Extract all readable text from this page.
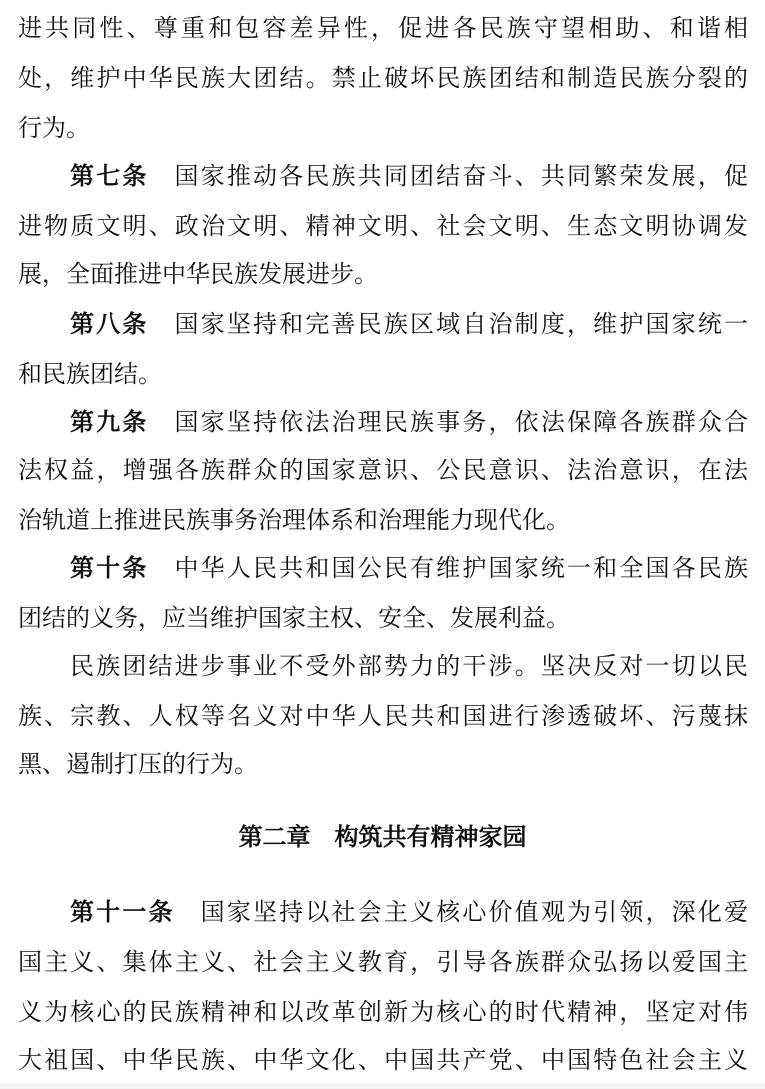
进共同性、尊重和包容差异性，促进各民族守望相助、和谐相
处，维护中华民族大团结。禁止破坏民族团结和制造民族分裂的
行为。
第七条 国家推动各民族共同团结奋斗、共同繁荣发展，促
进物质文明、政治文明、精神文明、社会文明、生态文明协调发
展，全面推进中华民族发展进步。
第八条 国家坚持和完善民族区域自治制度，维护国家统一
和民族团结。
第九条 国家坚持依法治理民族事务，依法保障各族群众合
法权益，增强各族群众的国家意识、公民意识、法治意识，在法
治轨道上推进民族事务治理体系和治理能力现代化。
第十条 中华人民共和国公民有维护国家统一和全国各民族
团结的义务，应当维护国家主权、安全、发展利益。
民族团结进步事业不受外部势力的干涉。坚决反对一切以民
族、宗教、人权等名义对中华人民共和国进行渗透破坏、污蔑抹
黑、遏制打压的行为。
第二章　构筑共有精神家园
第十一条 国家坚持以社会主义核心价值观为引领，深化爱
国主义、集体主义、社会主义教育，引导各族群众弘扬以爱国主
义为核心的民族精神和以改革创新为核心的时代精神，坚定对伟
大祖国、中华民族、中华文化、中国共产党、中国特色社会主义
